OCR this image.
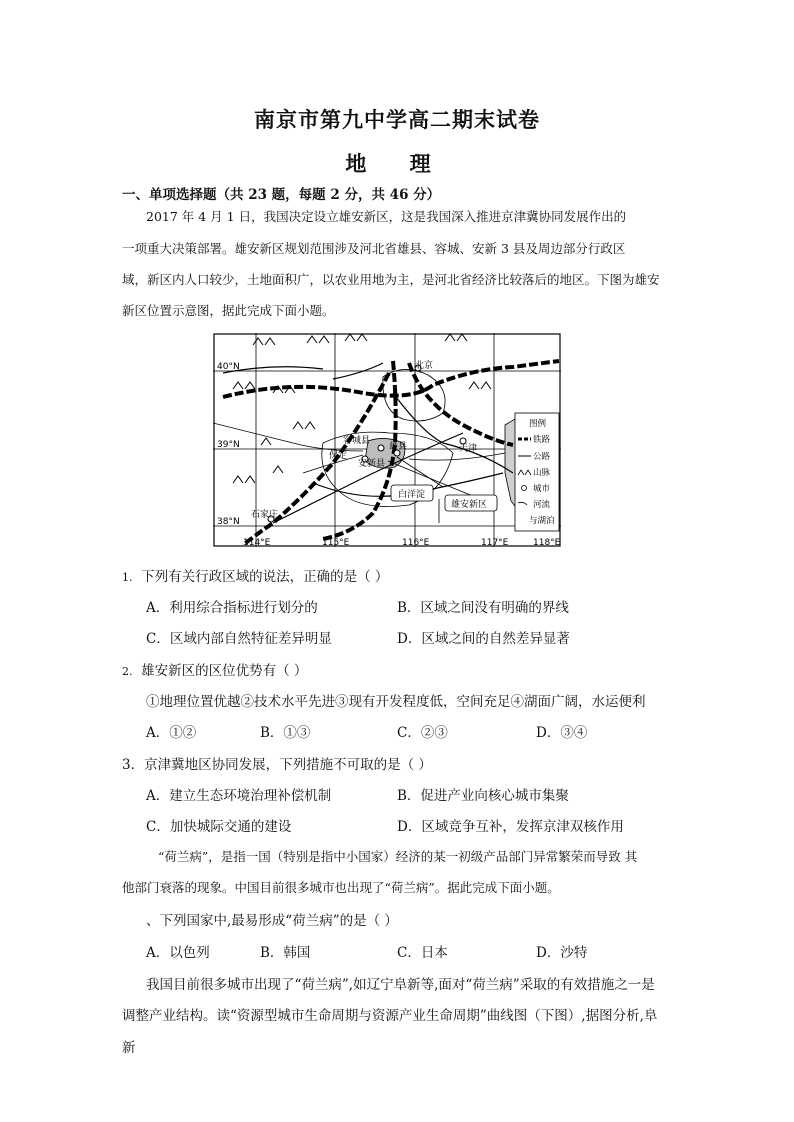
南京市第九中学高二期末试卷
地 理
一、单项选择题（共 23 题，每题 2 分，共 46 分）
2017 年 4 月 1 日，我国决定设立雄安新区，这是我国深入推进京津冀协同发展作出的
一项重大决策部署。雄安新区规划范围涉及河北省雄县、容城、安新 3 县及周边部分行政区
域，新区内人口较少，土地面积广，以农业用地为主，是河北省经济比较落后的地区。下图为雄安
新区位置示意图，据此完成下面小题。
40°N
39°N
38°N
114°E	115°E	116°E	117°E	118°E
北京
天津
容城县
雄县
保定
安新县
石家庄
白洋淀
雄安新区
图例
铁路
公路
山脉
城市
河流
与湖泊
1. 下列有关行政区域的说法，正确的是（ ）
A．利用综合指标进行划分的	B．区域之间没有明确的界线
C．区域内部自然特征差异明显	D．区域之间的自然差异显著
2. 雄安新区的区位优势有（ ）
①地理位置优越②技术水平先进③现有开发程度低，空间充足④湖面广阔，水运便利
A．①②	B．①③	C．②③	D．③④
3．京津冀地区协同发展，下列措施不可取的是（ ）
A．建立生态环境治理补偿机制	B．促进产业向核心城市集聚
C．加快城际交通的建设	D．区域竞争互补，发挥京津双核作用
“荷兰病”，是指一国（特别是指中小国家）经济的某一初级产品部门异常繁荣而导致 其
他部门衰落的现象。中国目前很多城市也出现了“荷兰病”。据此完成下面小题。
、下列国家中,最易形成“荷兰病”的是（ ）
A．以色列	B．韩国	C．日本	D．沙特
我国目前很多城市出现了“荷兰病”,如辽宁阜新等,面对“荷兰病”采取的有效措施之一是
调整产业结构。读“资源型城市生命周期与资源产业生命周期”曲线图（下图）,据图分析,阜
新
